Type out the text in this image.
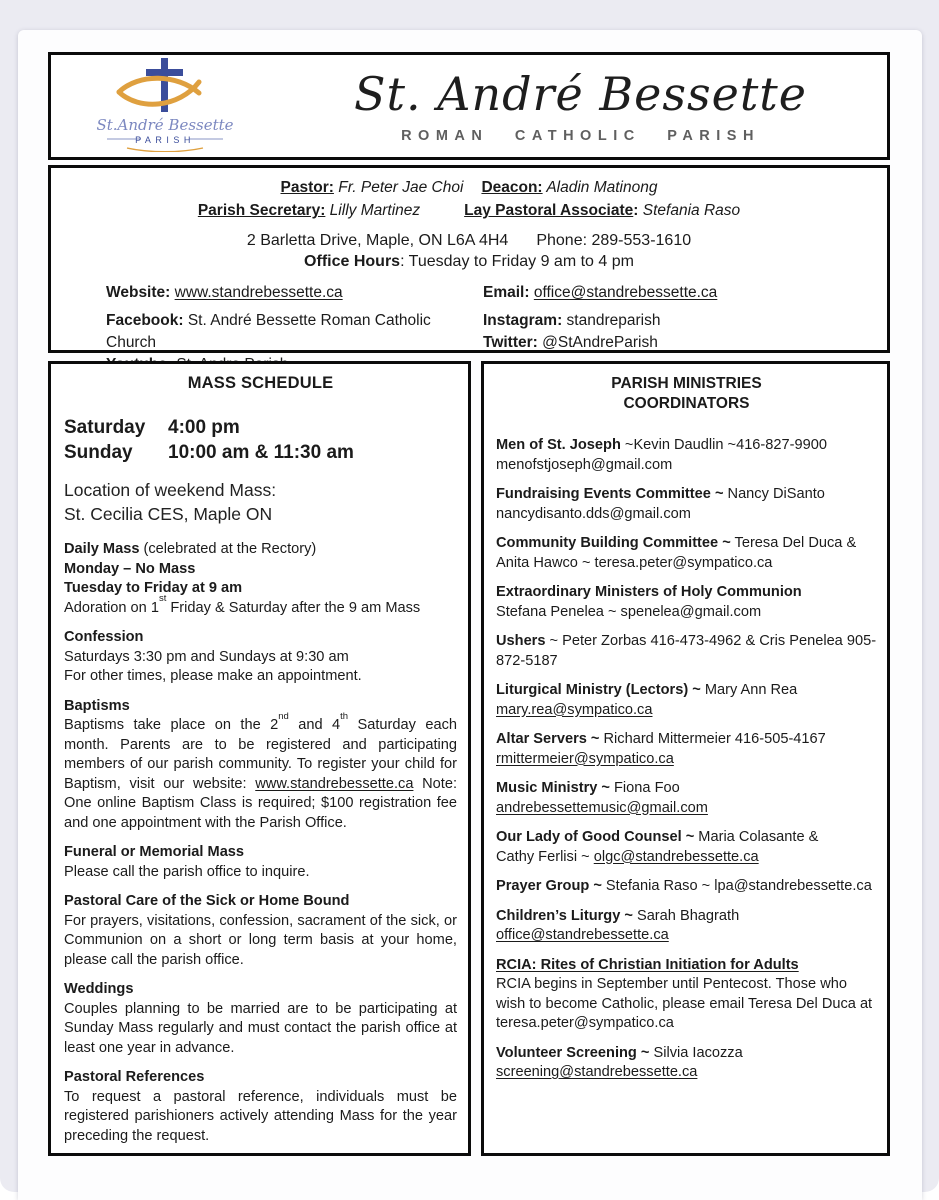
St.André Bessette
PARISH
St. André Bessette
ROMAN CATHOLIC PARISH
Pastor: Fr. Peter Jae Choi Deacon: Aladin Matinong
Parish Secretary: Lilly Martinez	Lay Pastoral Associate: Stefania Raso
2 Barletta Drive, Maple, ON L6A 4H4 Phone: 289-553-1610
Office Hours: Tuesday to Friday 9 am to 4 pm
Website: www.standrebessette.ca	Email: office@standrebessette.ca
Facebook: St. André Bessette Roman Catholic Church
Instagram: standreparish
Twitter: @StAndreParish
MASS SCHEDULE
Saturday 4:00 pm
Sunday 10:00 am & 11:30 am
Location of weekend Mass:
St. Cecilia CES, Maple ON
Daily Mass (celebrated at the Rectory)
Monday – No Mass
Tuesday to Friday at 9 am
Adoration on 1st Friday & Saturday after the 9 am Mass
Confession
Saturdays 3:30 pm and Sundays at 9:30 am
For other times, please make an appointment.
Baptisms
Baptisms take place on the 2nd and 4th Saturday each month. Parents are to be registered and participating members of our parish community. To register your child for Baptism, visit our website: www.standrebessette.ca Note: One online Baptism Class is required; $100 registration fee and one appointment with the Parish Office.
Funeral or Memorial Mass
Please call the parish office to inquire.
Pastoral Care of the Sick or Home Bound
For prayers, visitations, confession, sacrament of the sick, or Communion on a short or long term basis at your home, please call the parish office.
Weddings
Couples planning to be married are to be participating at Sunday Mass regularly and must contact the parish office at least one year in advance.
Pastoral References
To request a pastoral reference, individuals must be registered parishioners actively attending Mass for the year preceding the request.
PARISH MINISTRIES
COORDINATORS
Men of St. Joseph ~Kevin Daudlin ~416-827-9900
menofstjoseph@gmail.com
Fundraising Events Committee ~ Nancy DiSanto
nancydisanto.dds@gmail.com
Community Building Committee ~ Teresa Del Duca &
Anita Hawco ~ teresa.peter@sympatico.ca
Extraordinary Ministers of Holy Communion
Stefana Penelea ~ spenelea@gmail.com
Ushers ~ Peter Zorbas 416-473-4962 & Cris Penelea 905-872-5187
Liturgical Ministry (Lectors) ~ Mary Ann Rea
mary.rea@sympatico.ca
Altar Servers ~ Richard Mittermeier 416-505-4167
rmittermeier@sympatico.ca
Music Ministry ~ Fiona Foo
andrebessettemusic@gmail.com
Our Lady of Good Counsel ~ Maria Colasante &
Cathy Ferlisi ~ olgc@standrebessette.ca
Prayer Group ~ Stefania Raso ~ lpa@standrebessette.ca
Children’s Liturgy ~ Sarah Bhagrath
office@standrebessette.ca
RCIA: Rites of Christian Initiation for Adults
RCIA begins in September until Pentecost. Those who wish to become Catholic, please email Teresa Del Duca at teresa.peter@sympatico.ca
Volunteer Screening ~ Silvia Iacozza
screening@standrebessette.ca
